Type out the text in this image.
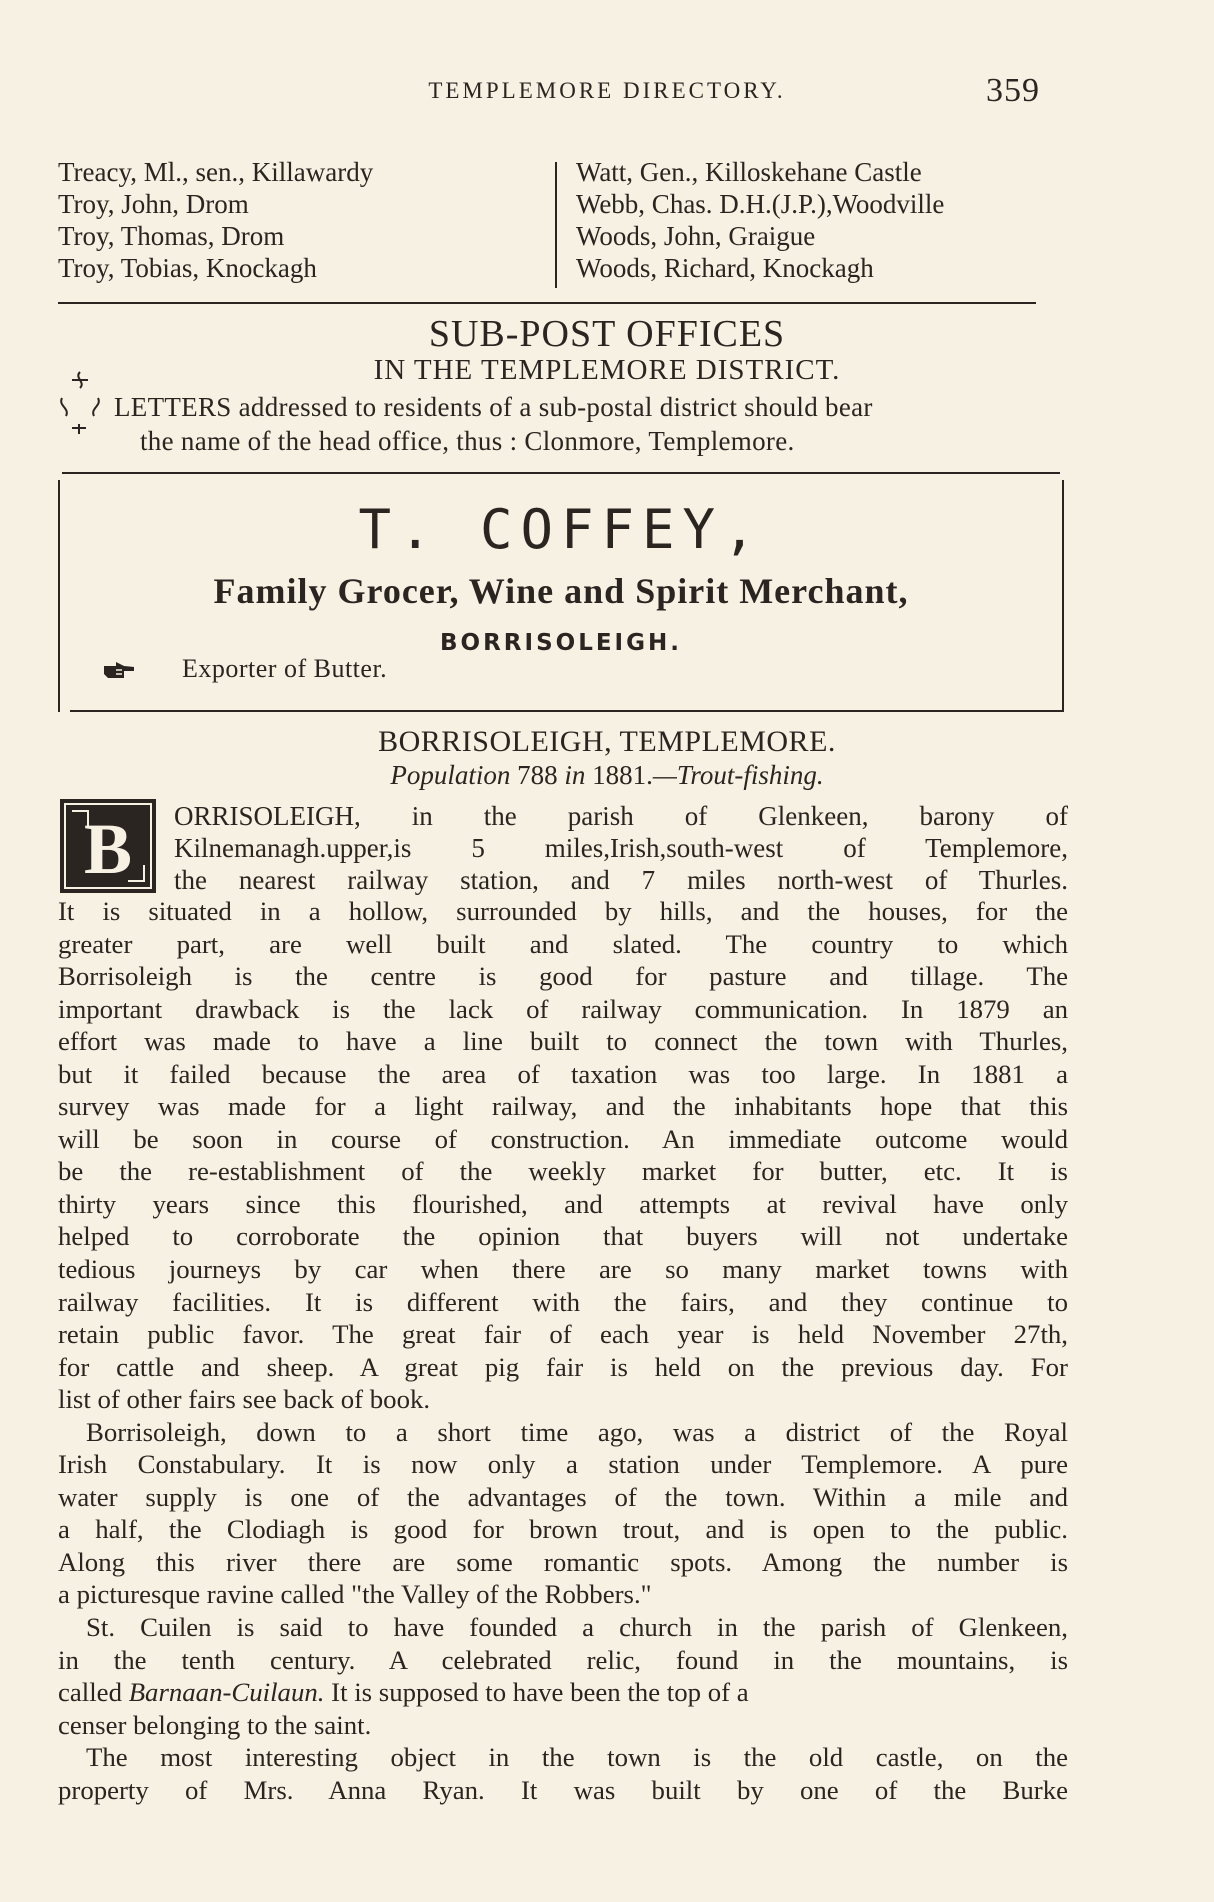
TEMPLEMORE DIRECTORY.	359
Treacy, Ml., sen., Killawardy
Troy, John, Drom
Troy, Thomas, Drom
Troy, Tobias, Knockagh
Watt, Gen., Killoskehane Castle
Webb, Chas. D.H.(J.P.),Woodville
Woods, John, Graigue
Woods, Richard, Knockagh
SUB-POST OFFICES
IN THE TEMPLEMORE DISTRICT.
LETTERS addressed to residents of a sub-postal district should bear
the name of the head office, thus : Clonmore, Templemore.
T. COFFEY,
Family Grocer, Wine and Spirit Merchant,
BORRISOLEIGH.
Exporter of Butter.
BORRISOLEIGH, TEMPLEMORE.
Population 788 in 1881.—Trout-fishing.
B ORRISOLEIGH, in the parish of Glenkeen, barony of
Kilnemanagh.upper,is 5 miles,Irish,south-west of Templemore,
the nearest railway station, and 7 miles north-west of Thurles.
It is situated in a hollow, surrounded by hills, and the houses, for the
greater part, are well built and slated. The country to which
Borrisoleigh is the centre is good for pasture and tillage. The
important drawback is the lack of railway communication. In 1879 an
effort was made to have a line built to connect the town with Thurles,
but it failed because the area of taxation was too large. In 1881 a
survey was made for a light railway, and the inhabitants hope that this
will be soon in course of construction. An immediate outcome would
be the re-establishment of the weekly market for butter, etc. It is
thirty years since this flourished, and attempts at revival have only
helped to corroborate the opinion that buyers will not undertake
tedious journeys by car when there are so many market towns with
railway facilities. It is different with the fairs, and they continue to
retain public favor. The great fair of each year is held November 27th,
for cattle and sheep. A great pig fair is held on the previous day. For
list of other fairs see back of book.
Borrisoleigh, down to a short time ago, was a district of the Royal
Irish Constabulary. It is now only a station under Templemore. A pure
water supply is one of the advantages of the town. Within a mile and
a half, the Clodiagh is good for brown trout, and is open to the public.
Along this river there are some romantic spots. Among the number is
a picturesque ravine called "the Valley of the Robbers."
St. Cuilen is said to have founded a church in the parish of Glenkeen,
in the tenth century. A celebrated relic, found in the mountains, is
called Barnaan-Cuilaun. It is supposed to have been the top of a
censer belonging to the saint.
The most interesting object in the town is the old castle, on the
property of Mrs. Anna Ryan. It was built by one of the Burke
